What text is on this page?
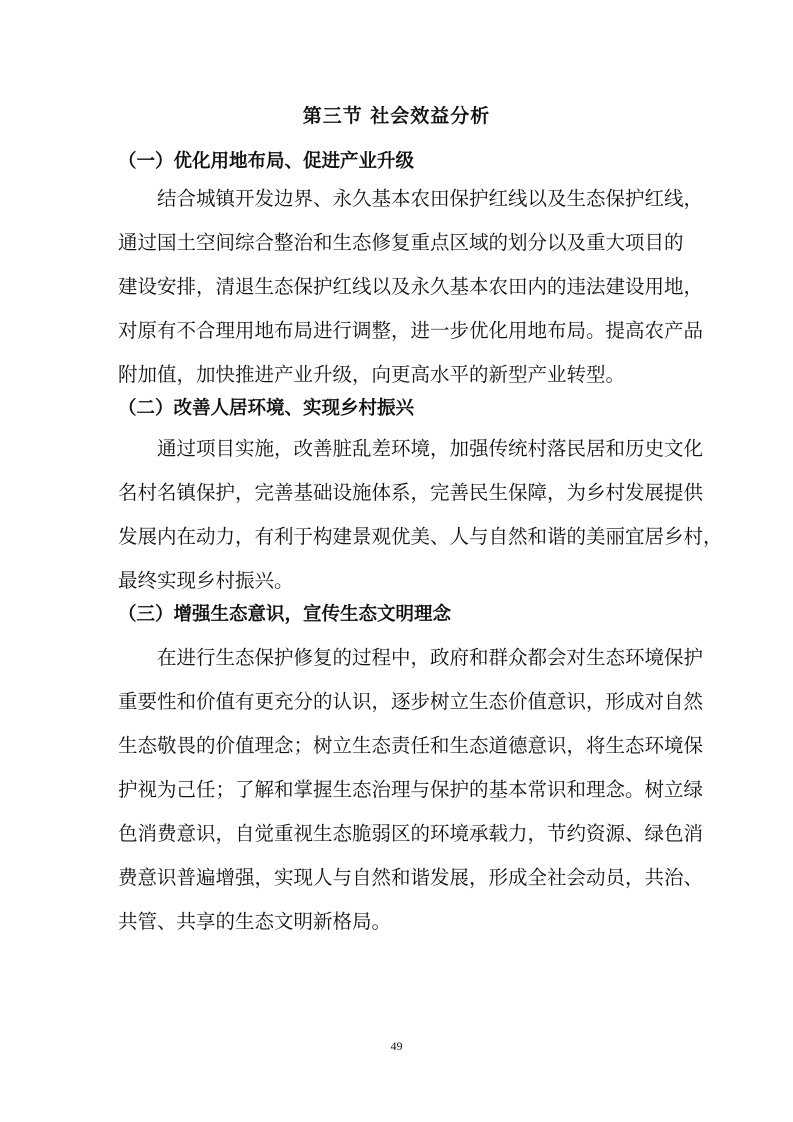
第三节 社会效益分析
（一）优化用地布局、促进产业升级
结合城镇开发边界、永久基本农田保护红线以及生态保护红线，
通过国土空间综合整治和生态修复重点区域的划分以及重大项目的
建设安排，清退生态保护红线以及永久基本农田内的违法建设用地，
对原有不合理用地布局进行调整，进一步优化用地布局。提高农产品
附加值，加快推进产业升级，向更高水平的新型产业转型。
（二）改善人居环境、实现乡村振兴
通过项目实施，改善脏乱差环境，加强传统村落民居和历史文化
名村名镇保护，完善基础设施体系，完善民生保障，为乡村发展提供
发展内在动力，有利于构建景观优美、人与自然和谐的美丽宜居乡村，
最终实现乡村振兴。
（三）增强生态意识，宣传生态文明理念
在进行生态保护修复的过程中，政府和群众都会对生态环境保护
重要性和价值有更充分的认识，逐步树立生态价值意识，形成对自然
生态敬畏的价值理念；树立生态责任和生态道德意识，将生态环境保
护视为己任；了解和掌握生态治理与保护的基本常识和理念。树立绿
色消费意识，自觉重视生态脆弱区的环境承载力，节约资源、绿色消
费意识普遍增强，实现人与自然和谐发展，形成全社会动员，共治、
共管、共享的生态文明新格局。
49
